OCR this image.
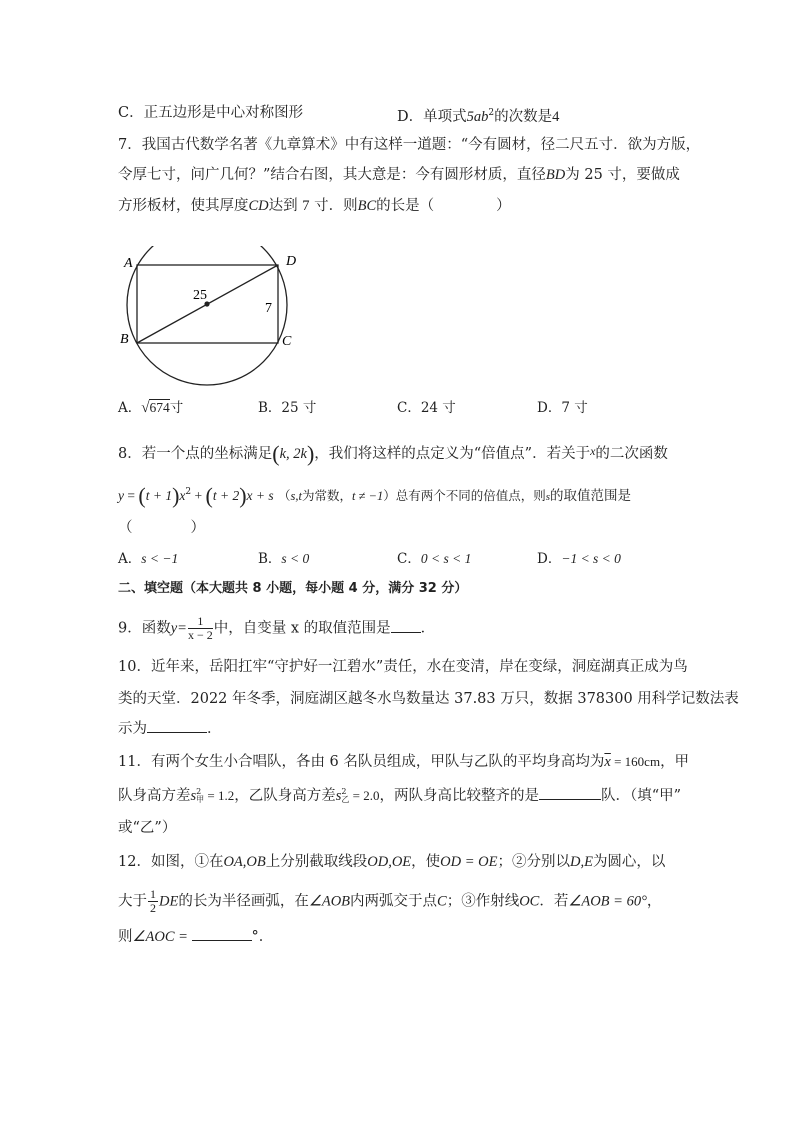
C．正五边形是中心对称图形	D．单项式$5ab^2$的次数是4
7．我国古代数学名著《九章算术》中有这样一道题：“今有圆材，径二尺五寸．欲为方版，
令厚七寸，问广几何？”结合右图，其大意是：今有圆形材质，直径BD为 25 寸，要做成
方形板材，使其厚度CD达到 7 寸．则BC的长是（	）
A
B	C
D
25
7
A．√674寸	B．25 寸	C．24 寸	D．7 寸
8．若一个点的坐标满足(k, 2k)，我们将这样的点定义为“倍值点”．若关于$^x$的二次函数
$y = (t + 1)x^2 + (t + 2)x + s$ （s,t为常数，t ≠ −1）总有两个不同的倍值点，则s的取值范围是
（	）
A．s < −1	B．s < 0	C．0 < s < 1	D．−1 < s < 0
二、填空题（本大题共 8 小题，每小题 4 分，满分 32 分）
9．函数$y= \frac{1}{x - 2}$ 中，自变量 x 的取值范围是 ．
10．近年来，岳阳扛牢“守护好一江碧水”责任，水在变清，岸在变绿，洞庭湖真正成为鸟
类的天堂．2022 年冬季，洞庭湖区越冬水鸟数量达 37.83 万只，数据 378300 用科学记数法表
示为	．
11．有两个女生小合唱队，各由 6 名队员组成，甲队与乙队的平均身高均为$\overline{x} = 160cm$，甲
队身高方差s 2
甲 = 1.2，乙队身高方差s 2
乙 = 2.0，两队身高比较整齐的是	队．（填“甲”
或“乙”）
12．如图，①在OA,OB上分别截取线段OD,OE，使OD = OE；②分别以D,E为圆心，以
大于 $\frac{1}{2}$ DE的长为半径画弧，在∠AOB内两弧交于点C；③作射线OC．若∠AOB = 60°，
则∠AOC =	°．
